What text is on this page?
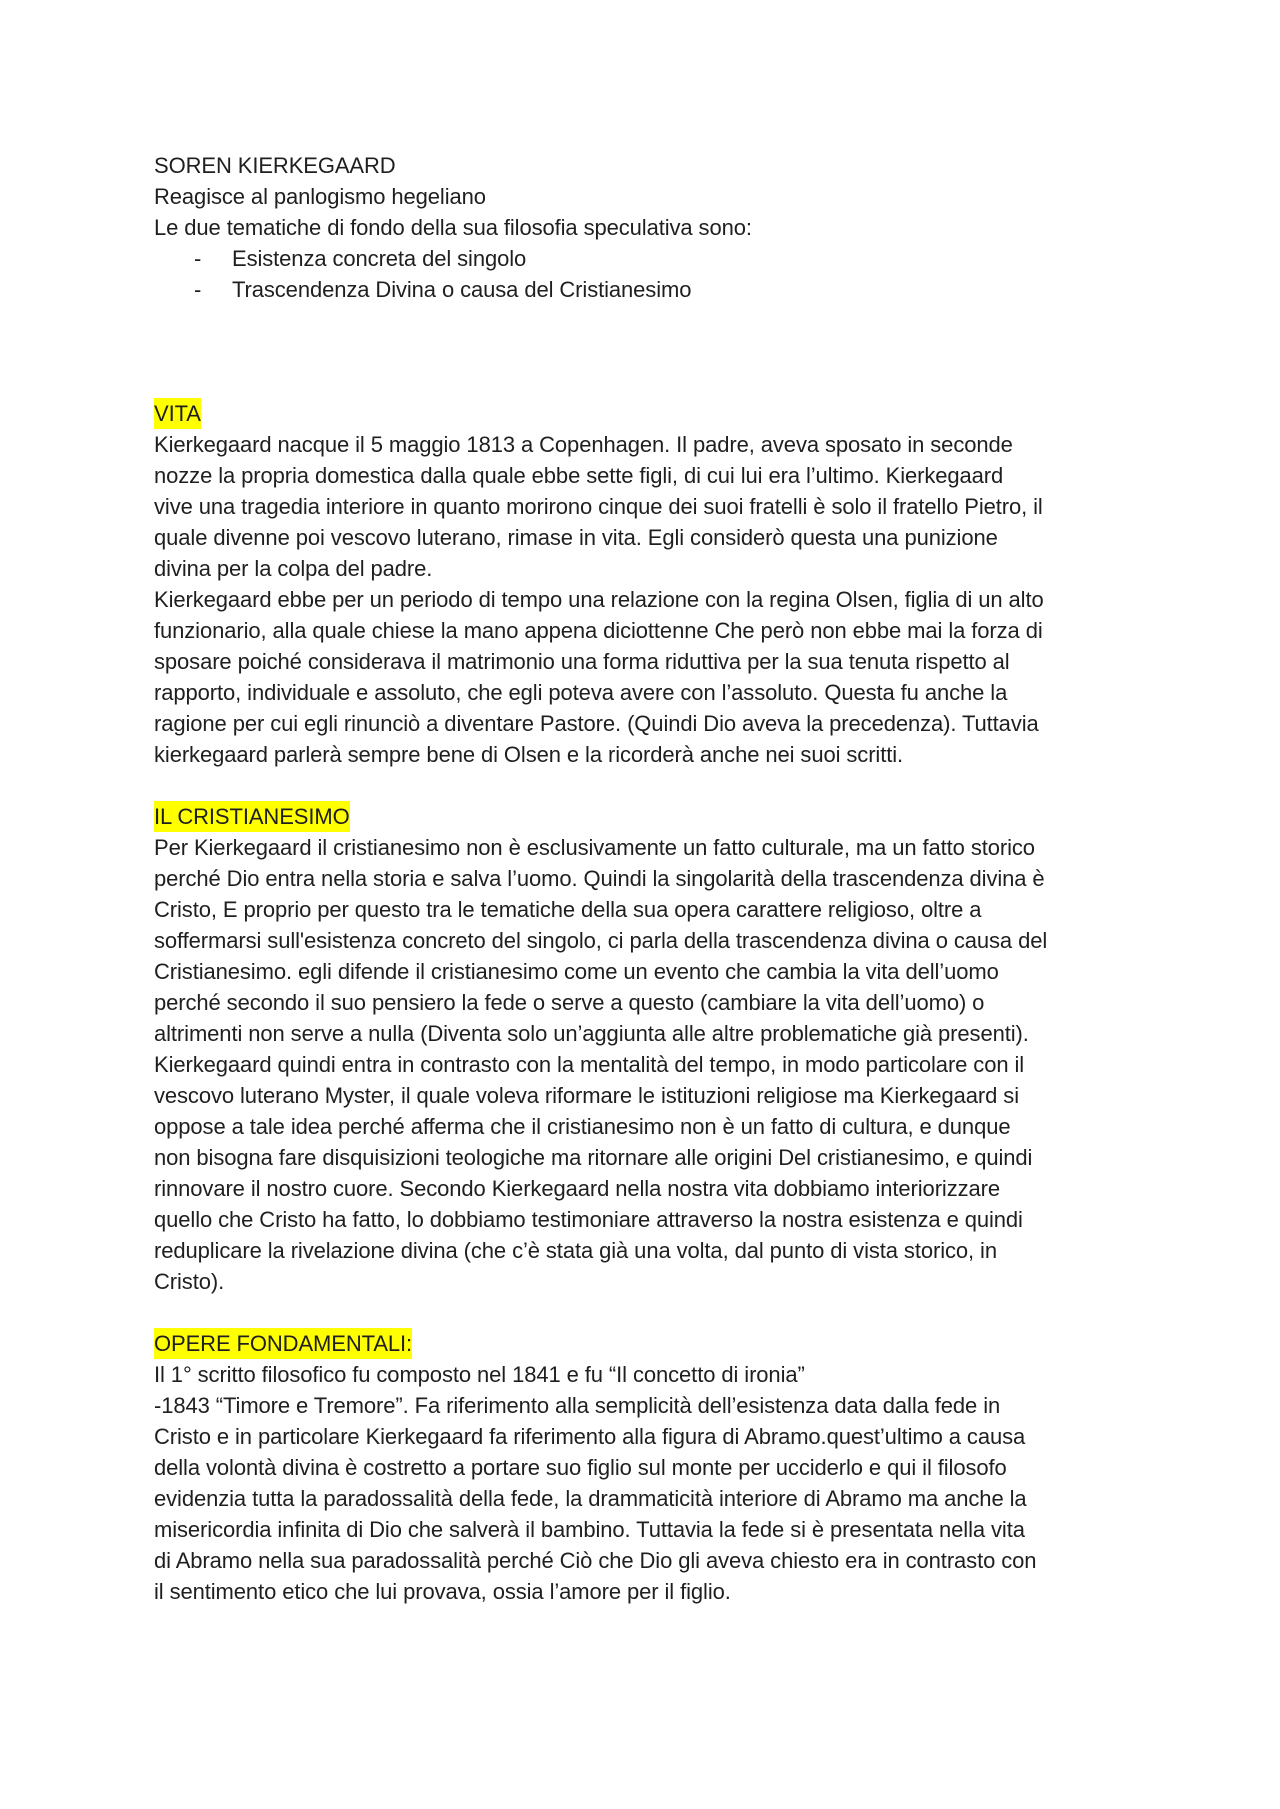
SOREN KIERKEGAARD

Reagisce al panlogismo hegeliano

Le due tematiche di fondo della sua filosofia speculativa sono:

- Esistenza concreta del singolo
- Trascendenza Divina o causa del Cristianesimo

VITA

Kierkegaard nacque il 5 maggio 1813 a Copenhagen. Il padre, aveva sposato in seconde

nozze la propria domestica dalla quale ebbe sette figli, di cui lui era l’ultimo. Kierkegaard

vive una tragedia interiore in quanto morirono cinque dei suoi fratelli è solo il fratello Pietro, il

quale divenne poi vescovo luterano, rimase in vita. Egli considerò questa una punizione

divina per la colpa del padre.

Kierkegaard ebbe per un periodo di tempo una relazione con la regina Olsen, figlia di un alto

funzionario, alla quale chiese la mano appena diciottenne Che però non ebbe mai la forza di

sposare poiché considerava il matrimonio una forma riduttiva per la sua tenuta rispetto al

rapporto, individuale e assoluto, che egli poteva avere con l’assoluto. Questa fu anche la

ragione per cui egli rinunciò a diventare Pastore. (Quindi Dio aveva la precedenza). Tuttavia

kierkegaard parlerà sempre bene di Olsen e la ricorderà anche nei suoi scritti.

IL CRISTIANESIMO

Per Kierkegaard il cristianesimo non è esclusivamente un fatto culturale, ma un fatto storico

perché Dio entra nella storia e salva l’uomo. Quindi la singolarità della trascendenza divina è

Cristo, E proprio per questo tra le tematiche della sua opera carattere religioso, oltre a

soffermarsi sull'esistenza concreto del singolo, ci parla della trascendenza divina o causa del

Cristianesimo. egli difende il cristianesimo come un evento che cambia la vita dell’uomo

perché secondo il suo pensiero la fede o serve a questo (cambiare la vita dell’uomo) o

altrimenti non serve a nulla (Diventa solo un’aggiunta alle altre problematiche già presenti).

Kierkegaard quindi entra in contrasto con la mentalità del tempo, in modo particolare con il

vescovo luterano Myster, il quale voleva riformare le istituzioni religiose ma Kierkegaard si

oppose a tale idea perché afferma che il cristianesimo non è un fatto di cultura, e dunque

non bisogna fare disquisizioni teologiche ma ritornare alle origini Del cristianesimo, e quindi

rinnovare il nostro cuore. Secondo Kierkegaard nella nostra vita dobbiamo interiorizzare

quello che Cristo ha fatto, lo dobbiamo testimoniare attraverso la nostra esistenza e quindi

reduplicare la rivelazione divina (che c’è stata già una volta, dal punto di vista storico, in

Cristo).

OPERE FONDAMENTALI:

Il 1° scritto filosofico fu composto nel 1841 e fu “Il concetto di ironia”

-1843 “Timore e Tremore”. Fa riferimento alla semplicità dell’esistenza data dalla fede in

Cristo e in particolare Kierkegaard fa riferimento alla figura di Abramo.quest’ultimo a causa

della volontà divina è costretto a portare suo figlio sul monte per ucciderlo e qui il filosofo

evidenzia tutta la paradossalità della fede, la drammaticità interiore di Abramo ma anche la

misericordia infinita di Dio che salverà il bambino. Tuttavia la fede si è presentata nella vita

di Abramo nella sua paradossalità perché Ciò che Dio gli aveva chiesto era in contrasto con

il sentimento etico che lui provava, ossia l’amore per il figlio.
